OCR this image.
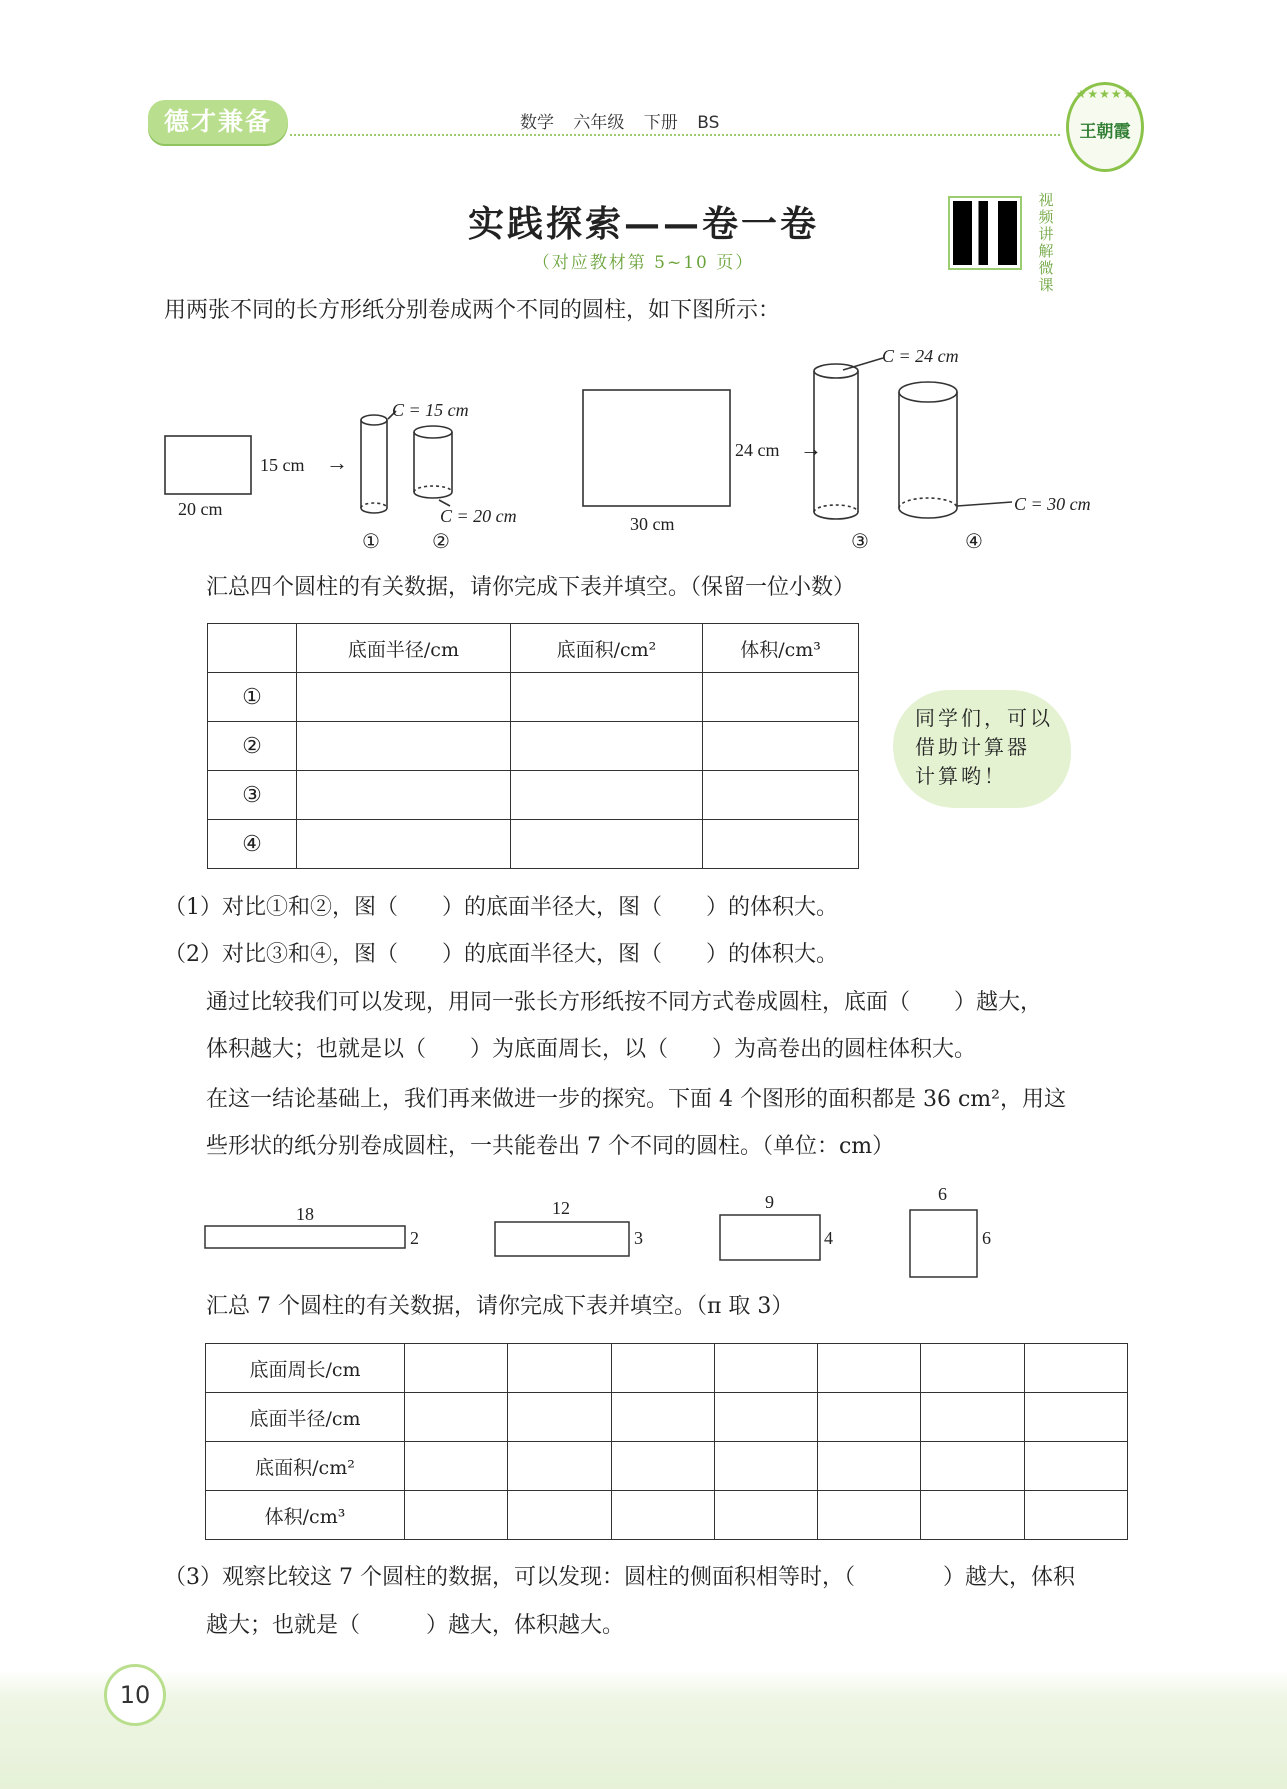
德才兼备	数学 六年级 下册 BS
★★★★★
王朝霞
实践探索——卷一卷
（对应教材第 5~10 页）
视频讲解微课
用两张不同的长方形纸分别卷成两个不同的圆柱，如下图所示：
20 cm
15 cm →
C = 15 cm
C = 20 cm
①	②
30 cm
24 cm →
C = 24 cm
C = 30 cm
③	④
汇总四个圆柱的有关数据，请你完成下表并填空。（保留一位小数）
	底面半径/cm	底面积/cm²	体积/cm³
①			
②			
③			
④			
同学们，可以
借助计算器
计算哟！
（1）对比①和②，图（　　）的底面半径大，图（　　）的体积大。
（2）对比③和④，图（　　）的底面半径大，图（　　）的体积大。
通过比较我们可以发现，用同一张长方形纸按不同方式卷成圆柱，底面（　　）越大，
体积越大；也就是以（　　）为底面周长，以（　　）为高卷出的圆柱体积大。
在这一结论基础上，我们再来做进一步的探究。下面 4 个图形的面积都是 36 cm²，用这
些形状的纸分别卷成圆柱，一共能卷出 7 个不同的圆柱。（单位：cm）
18
2
12
3
9
4
6
6
汇总 7 个圆柱的有关数据，请你完成下表并填空。（π 取 3）
底面周长/cm							
底面半径/cm							
底面积/cm²							
体积/cm³							
（3）观察比较这 7 个圆柱的数据，可以发现：圆柱的侧面积相等时，（　　　　）越大，体积
越大；也就是（　　　）越大，体积越大。
10
